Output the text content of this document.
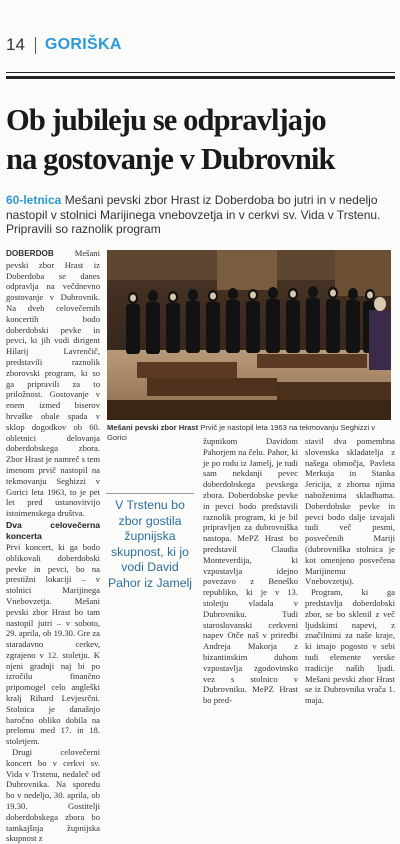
14 GORIŠKA
Ob jubileju se odpravljajo
na gostovanje v Dubrovnik

60-letnica Mešani pevski zbor Hrast iz Doberdoba bo jutri in v nedeljo nastopil v stolnici Marijinega vnebovzetja in v cerkvi sv. Vida v Trstenu. Pripravili so raznolik program

DOBERDOB Mešani pevski zbor Hrast iz Doberdoba se danes odpravlja na večdnevno gostovanje v Dubrovnik. Na dveh celovečernih koncertih bodo doberdobski pevke in pevci, ki jih vodi dirigent Hilarij Lavrenčič, predstavili raznolik zborovski program, ki so ga pripravili za to priložnost. Gostovanje v enem izmed biserov hrvaške obale spada v sklop dogodkov ob 60. obletnici delovanja doberdobskega zbora. Zbor Hrast je namreč s tem imenom prvič nastopil na tekmovanju Seghizzi v Gorici leta 1963, to je pet let pred ustanovitvijo istoimenskega društva.

Dva celovečerna koncerta

Prvi koncert, ki ga bodo oblikovali doberdobski pevke in pevci, bo na prestižni lokaciji – v stolnici Marijinega Vnebovzetja. Mešani pevski zbor Hrast bo tam nastopil jutri – v soboto, 29. aprila, ob 19.30. Gre za staradavno cerkev, zgrajeno v 12. stoletju. K njeni gradnji naj bi po izročilu finančno pripomogel celo angleški kralj Rihard Levjesrčni. Stolnica je današnjo baročno obliko dobila na prelomu med 17. in 18. stoletjem.

Drugi celovečerni koncert bo v cerkvi sv. Vida v Trstenu, nedaleč od Dubrovnika. Na sporedu bo v nedeljo, 30. aprila, ob 19.30. Gostitelji doberdobskega zbora bo tamkajšnja župnijska skupnost z

Mešani pevski zbor Hrast Prvič je nastopil leta 1963 na tekmovanju Seghizzi v Gorici

V Trstenu bo zbor gostila župnijska skupnost, ki jo vodi David Pahor iz Jamelj

župnikom Davidom Pahorjem na čelu. Pahor, ki je po rodu iz Jamelj, je tudi sam nekdanji pevec doberdobskega pevskega zbora. Doberdobske pevke in pevci bodo predstavili raznolik program, ki je bil pripravljen za dubrovniška nastopa. MePZ Hrast bo predstavil Claudia Monteverdija, ki vzpostavlja idejno povezavo z Beneško republiko, ki je v 13. stoletju vladala v Dubrovniku. Tudi staroslovanski cerkveni napev Otče naš v priredbi Andreja Makorja z bizantinskim duhom vzpostavlja zgodovinsko vez s stolnico v Dubrovniku. MePZ Hrast bo pred-

stavil dva pomembna slovenska skladatelja z našega območja, Pavleta Merkuja in Stanka Jericija, z zborna njima naboženima skladbama. Doberdobske pevke in pevci bodo dalje izvajali tudi več pesmi, posvečenih Mariji (dubrovniška stolnica je kot omenjeno posvečena Marijinemu Vnebovzetju).

Program, ki ga predstavlja doberdobski zbor, se bo sklenil z več ljudskimi napevi, z značilnimi za naše kraje, ki imajo pogosto v sebi tudi elemente verske tradicije naših ljudi. Mešani pevski zbor Hrast se iz Dubrovnika vrača 1. maja.
